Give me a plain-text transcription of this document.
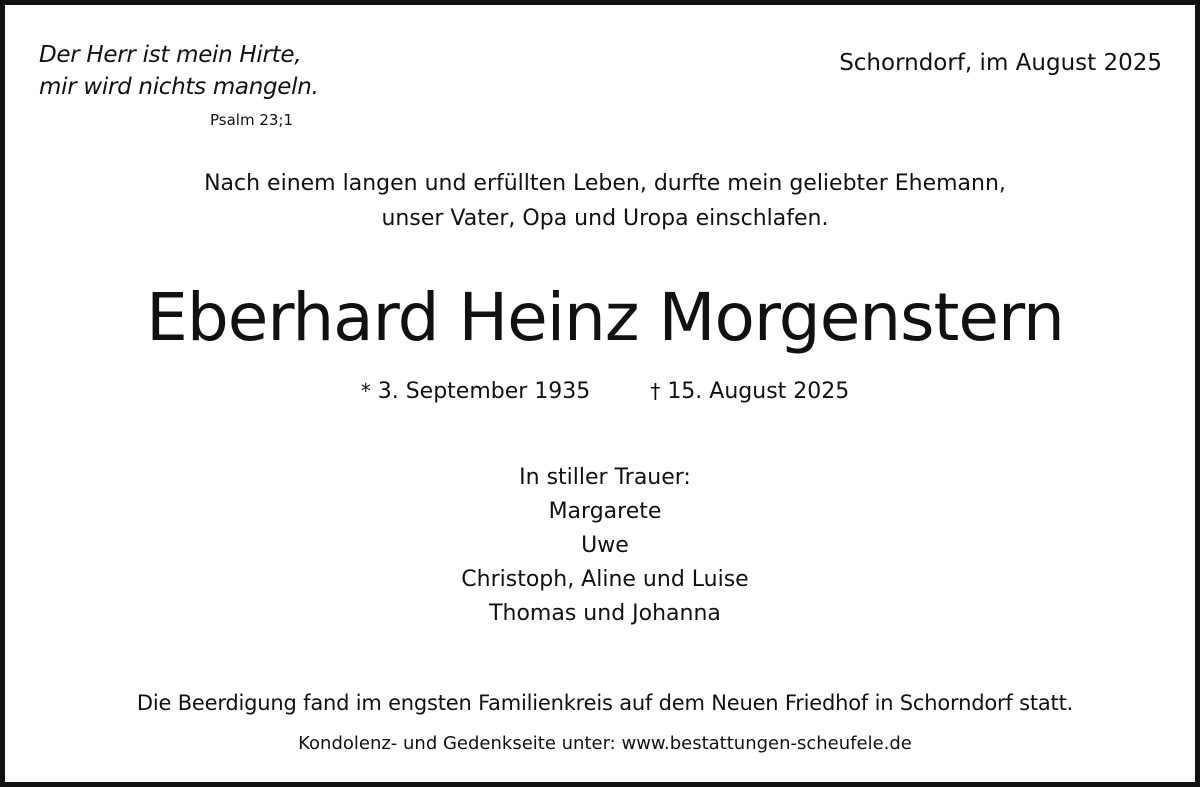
Der Herr ist mein Hirte,
mir wird nichts mangeln.
Psalm 23;1
Schorndorf, im August 2025
Nach einem langen und erfüllten Leben, durfte mein geliebter Ehemann,
unser Vater, Opa und Uropa einschlafen.
Eberhard Heinz Morgenstern
* 3. September 1935	† 15. August 2025
In stiller Trauer:
Margarete
Uwe
Christoph, Aline und Luise
Thomas und Johanna
Die Beerdigung fand im engsten Familienkreis auf dem Neuen Friedhof in Schorndorf statt.
Kondolenz- und Gedenkseite unter: www.bestattungen-scheufele.de
